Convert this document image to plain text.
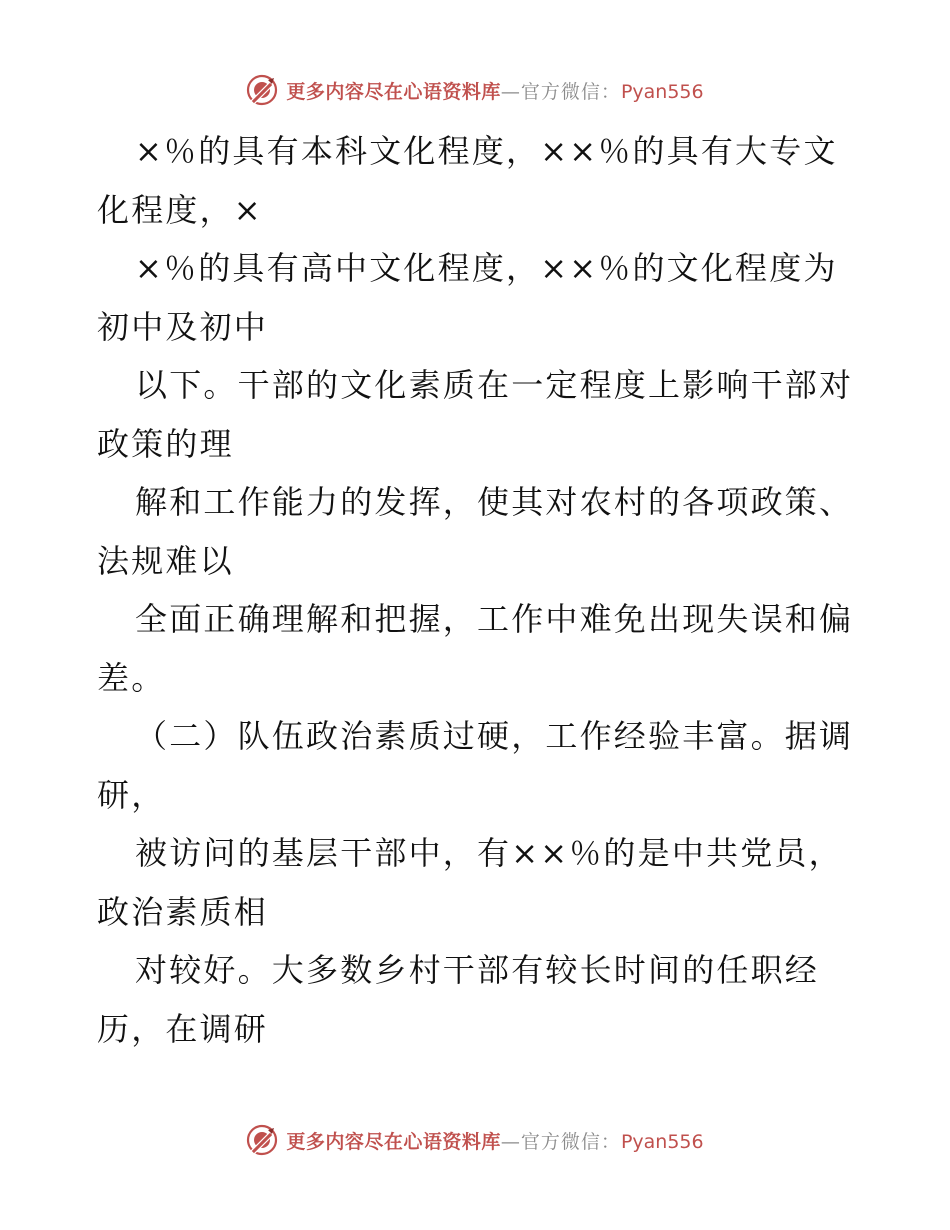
更多内容尽在心语资料库 —官方微信： Pyan556
×％的具有本科文化程度，××％的具有大专文
化程度，×
×％的具有高中文化程度，××％的文化程度为
初中及初中
以下。干部的文化素质在一定程度上影响干部对
政策的理
解和工作能力的发挥，使其对农村的各项政策、
法规难以
全面正确理解和把握，工作中难免出现失误和偏
差。
（二）队伍政治素质过硬，工作经验丰富。据调
研，
被访问的基层干部中，有××％的是中共党员，
政治素质相
对较好。大多数乡村干部有较长时间的任职经
历，在调研
更多内容尽在心语资料库 —官方微信： Pyan556
